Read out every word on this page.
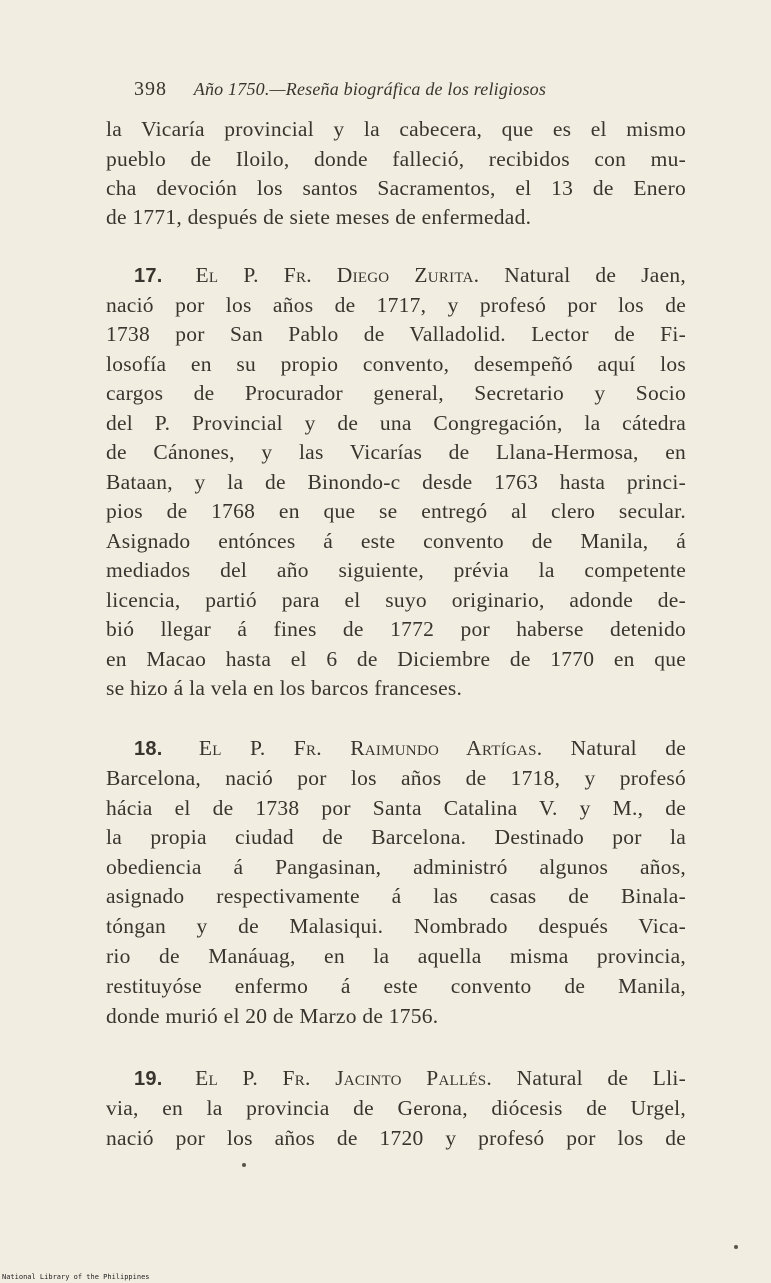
398 Año 1750.—Reseña biográfica de los religiosos
la Vicaría provincial y la cabecera, que es el mismo
pueblo de Iloilo, donde falleció, recibidos con mu-
cha devoción los santos Sacramentos, el 13 de Enero
de 1771, después de siete meses de enfermedad.
17. El P. Fr. Diego Zurita. Natural de Jaen,
nació por los años de 1717, y profesó por los de
1738 por San Pablo de Valladolid. Lector de Fi-
losofía en su propio convento, desempeñó aquí los
cargos de Procurador general, Secretario y Socio
del P. Provincial y de una Congregación, la cátedra
de Cánones, y las Vicarías de Llana-Hermosa, en
Bataan, y la de Binondo-c desde 1763 hasta princi-
pios de 1768 en que se entregó al clero secular.
Asignado entónces á este convento de Manila, á
mediados del año siguiente, prévia la competente
licencia, partió para el suyo originario, adonde de-
bió llegar á fines de 1772 por haberse detenido
en Macao hasta el 6 de Diciembre de 1770 en que
se hizo á la vela en los barcos franceses.
18. El P. Fr. Raimundo Artígas. Natural de
Barcelona, nació por los años de 1718, y profesó
hácia el de 1738 por Santa Catalina V. y M., de
la propia ciudad de Barcelona. Destinado por la
obediencia á Pangasinan, administró algunos años,
asignado respectivamente á las casas de Binala-
tóngan y de Malasiqui. Nombrado después Vica-
rio de Manáuag, en la aquella misma provincia,
restituyóse enfermo á este convento de Manila,
donde murió el 20 de Marzo de 1756.
19. El P. Fr. Jacinto Pallés. Natural de Lli-
via, en la provincia de Gerona, diócesis de Urgel,
nació por los años de 1720 y profesó por los de
National Library of the Philippines
